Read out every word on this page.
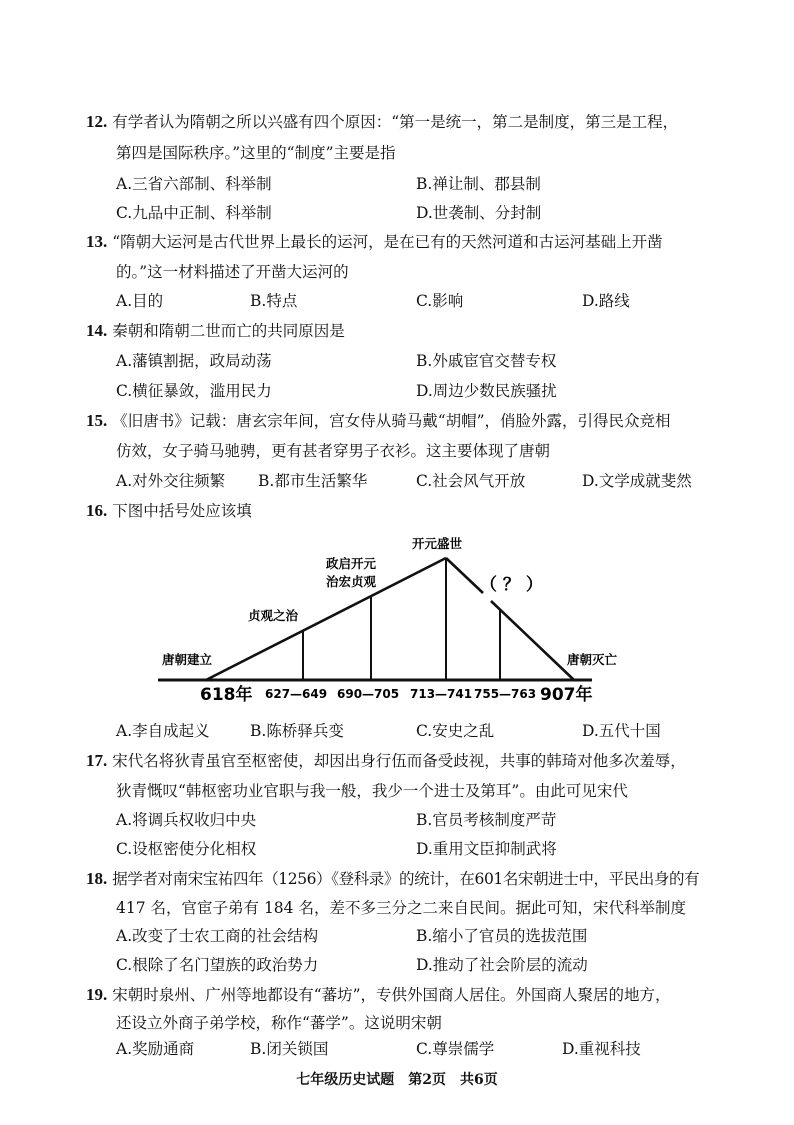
12. 有学者认为隋朝之所以兴盛有四个原因：“第一是统一，第二是制度，第三是工程，
第四是国际秩序。”这里的“制度”主要是指
A.三省六部制、科举制	B.禅让制、郡县制
C.九品中正制、科举制	D.世袭制、分封制
13. “隋朝大运河是古代世界上最长的运河，是在已有的天然河道和古运河基础上开凿
的。”这一材料描述了开凿大运河的
A.目的	B.特点	C.影响	D.路线
14. 秦朝和隋朝二世而亡的共同原因是
A.藩镇割据，政局动荡	B.外戚宦官交替专权
C.横征暴敛，滥用民力	D.周边少数民族骚扰
15. 《旧唐书》记载：唐玄宗年间，宫女侍从骑马戴“胡帽”，俏脸外露，引得民众竞相
仿效，女子骑马驰骋，更有甚者穿男子衣衫。这主要体现了唐朝
A.对外交往频繁 B.都市生活繁华	C.社会风气开放	D.文学成就斐然
16. 下图中括号处应该填
唐朝建立
贞观之治
政启开元
治宏贞观
开元盛世
（ ？ ）
唐朝灭亡
618年 627—649 690—705 713—741 755—763 907年
A.李自成起义	B.陈桥驿兵变	C.安史之乱	D.五代十国
17. 宋代名将狄青虽官至枢密使，却因出身行伍而备受歧视，共事的韩琦对他多次羞辱，
狄青慨叹“韩枢密功业官职与我一般，我少一个进士及第耳”。由此可见宋代
A.将调兵权收归中央	B.官员考核制度严苛
C.设枢密使分化相权	D.重用文臣抑制武将
18. 据学者对南宋宝祐四年（1256）《登科录》的统计，在601名宋朝进士中，平民出身的有
417 名，官宦子弟有 184 名，差不多三分之二来自民间。据此可知，宋代科举制度
A.改变了士农工商的社会结构	B.缩小了官员的选拔范围
C.根除了名门望族的政治势力	D.推动了社会阶层的流动
19. 宋朝时泉州、广州等地都设有“蕃坊”，专供外国商人居住。外国商人聚居的地方，
还设立外商子弟学校，称作“蕃学”。这说明宋朝
A.奖励通商	B.闭关锁国	C.尊崇儒学	D.重视科技
七年级历史试题　第2页　共6页
